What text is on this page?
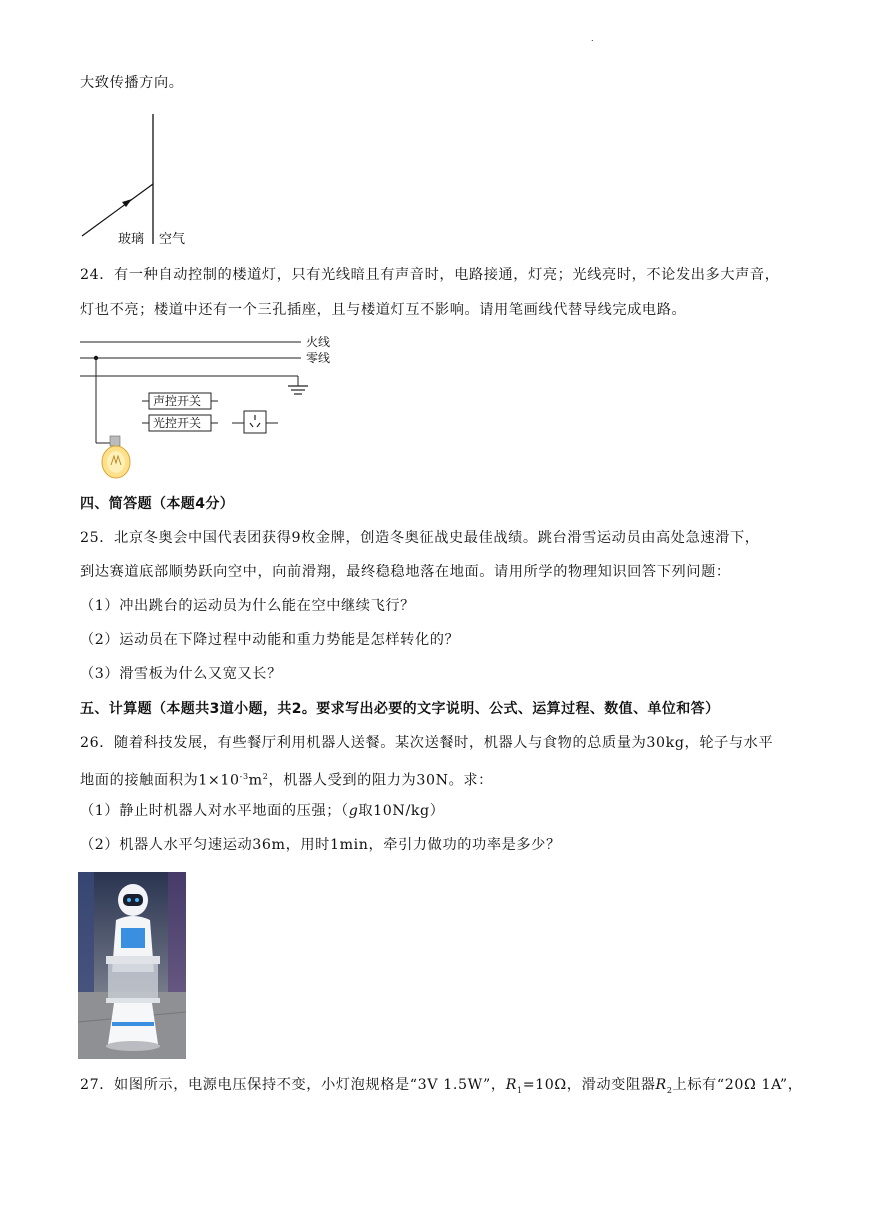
.
大致传播方向。
玻璃 空气
24．有一种自动控制的楼道灯，只有光线暗且有声音时，电路接通，灯亮；光线亮时，不论发出多大声音，
灯也不亮；楼道中还有一个三孔插座，且与楼道灯互不影响。请用笔画线代替导线完成电路。
火线
零线
声控开关
光控开关
四、简答题（本题4分）
25．北京冬奥会中国代表团获得9枚金牌，创造冬奥征战史最佳战绩。跳台滑雪运动员由高处急速滑下，
到达赛道底部顺势跃向空中，向前滑翔，最终稳稳地落在地面。请用所学的物理知识回答下列问题：
（1）冲出跳台的运动员为什么能在空中继续飞行？
（2）运动员在下降过程中动能和重力势能是怎样转化的？
（3）滑雪板为什么又宽又长？
五、计算题（本题共3道小题，共2。要求写出必要的文字说明、公式、运算过程、数值、单位和答）
26．随着科技发展，有些餐厅利用机器人送餐。某次送餐时，机器人与食物的总质量为30kg，轮子与水平
地面的接触面积为$1\times 10^{-3}m^2$，机器人受到的阻力为30N。求：
（1）静止时机器人对水平地面的压强；（g取10N/kg）
（2）机器人水平匀速运动36m，用时1min，牵引力做功的功率是多少？
27．如图所示，电源电压保持不变，小灯泡规格是“3V 1.5W”，$R_1=10\Omega$，滑动变阻器$R_2$上标有“20Ω 1A”，
